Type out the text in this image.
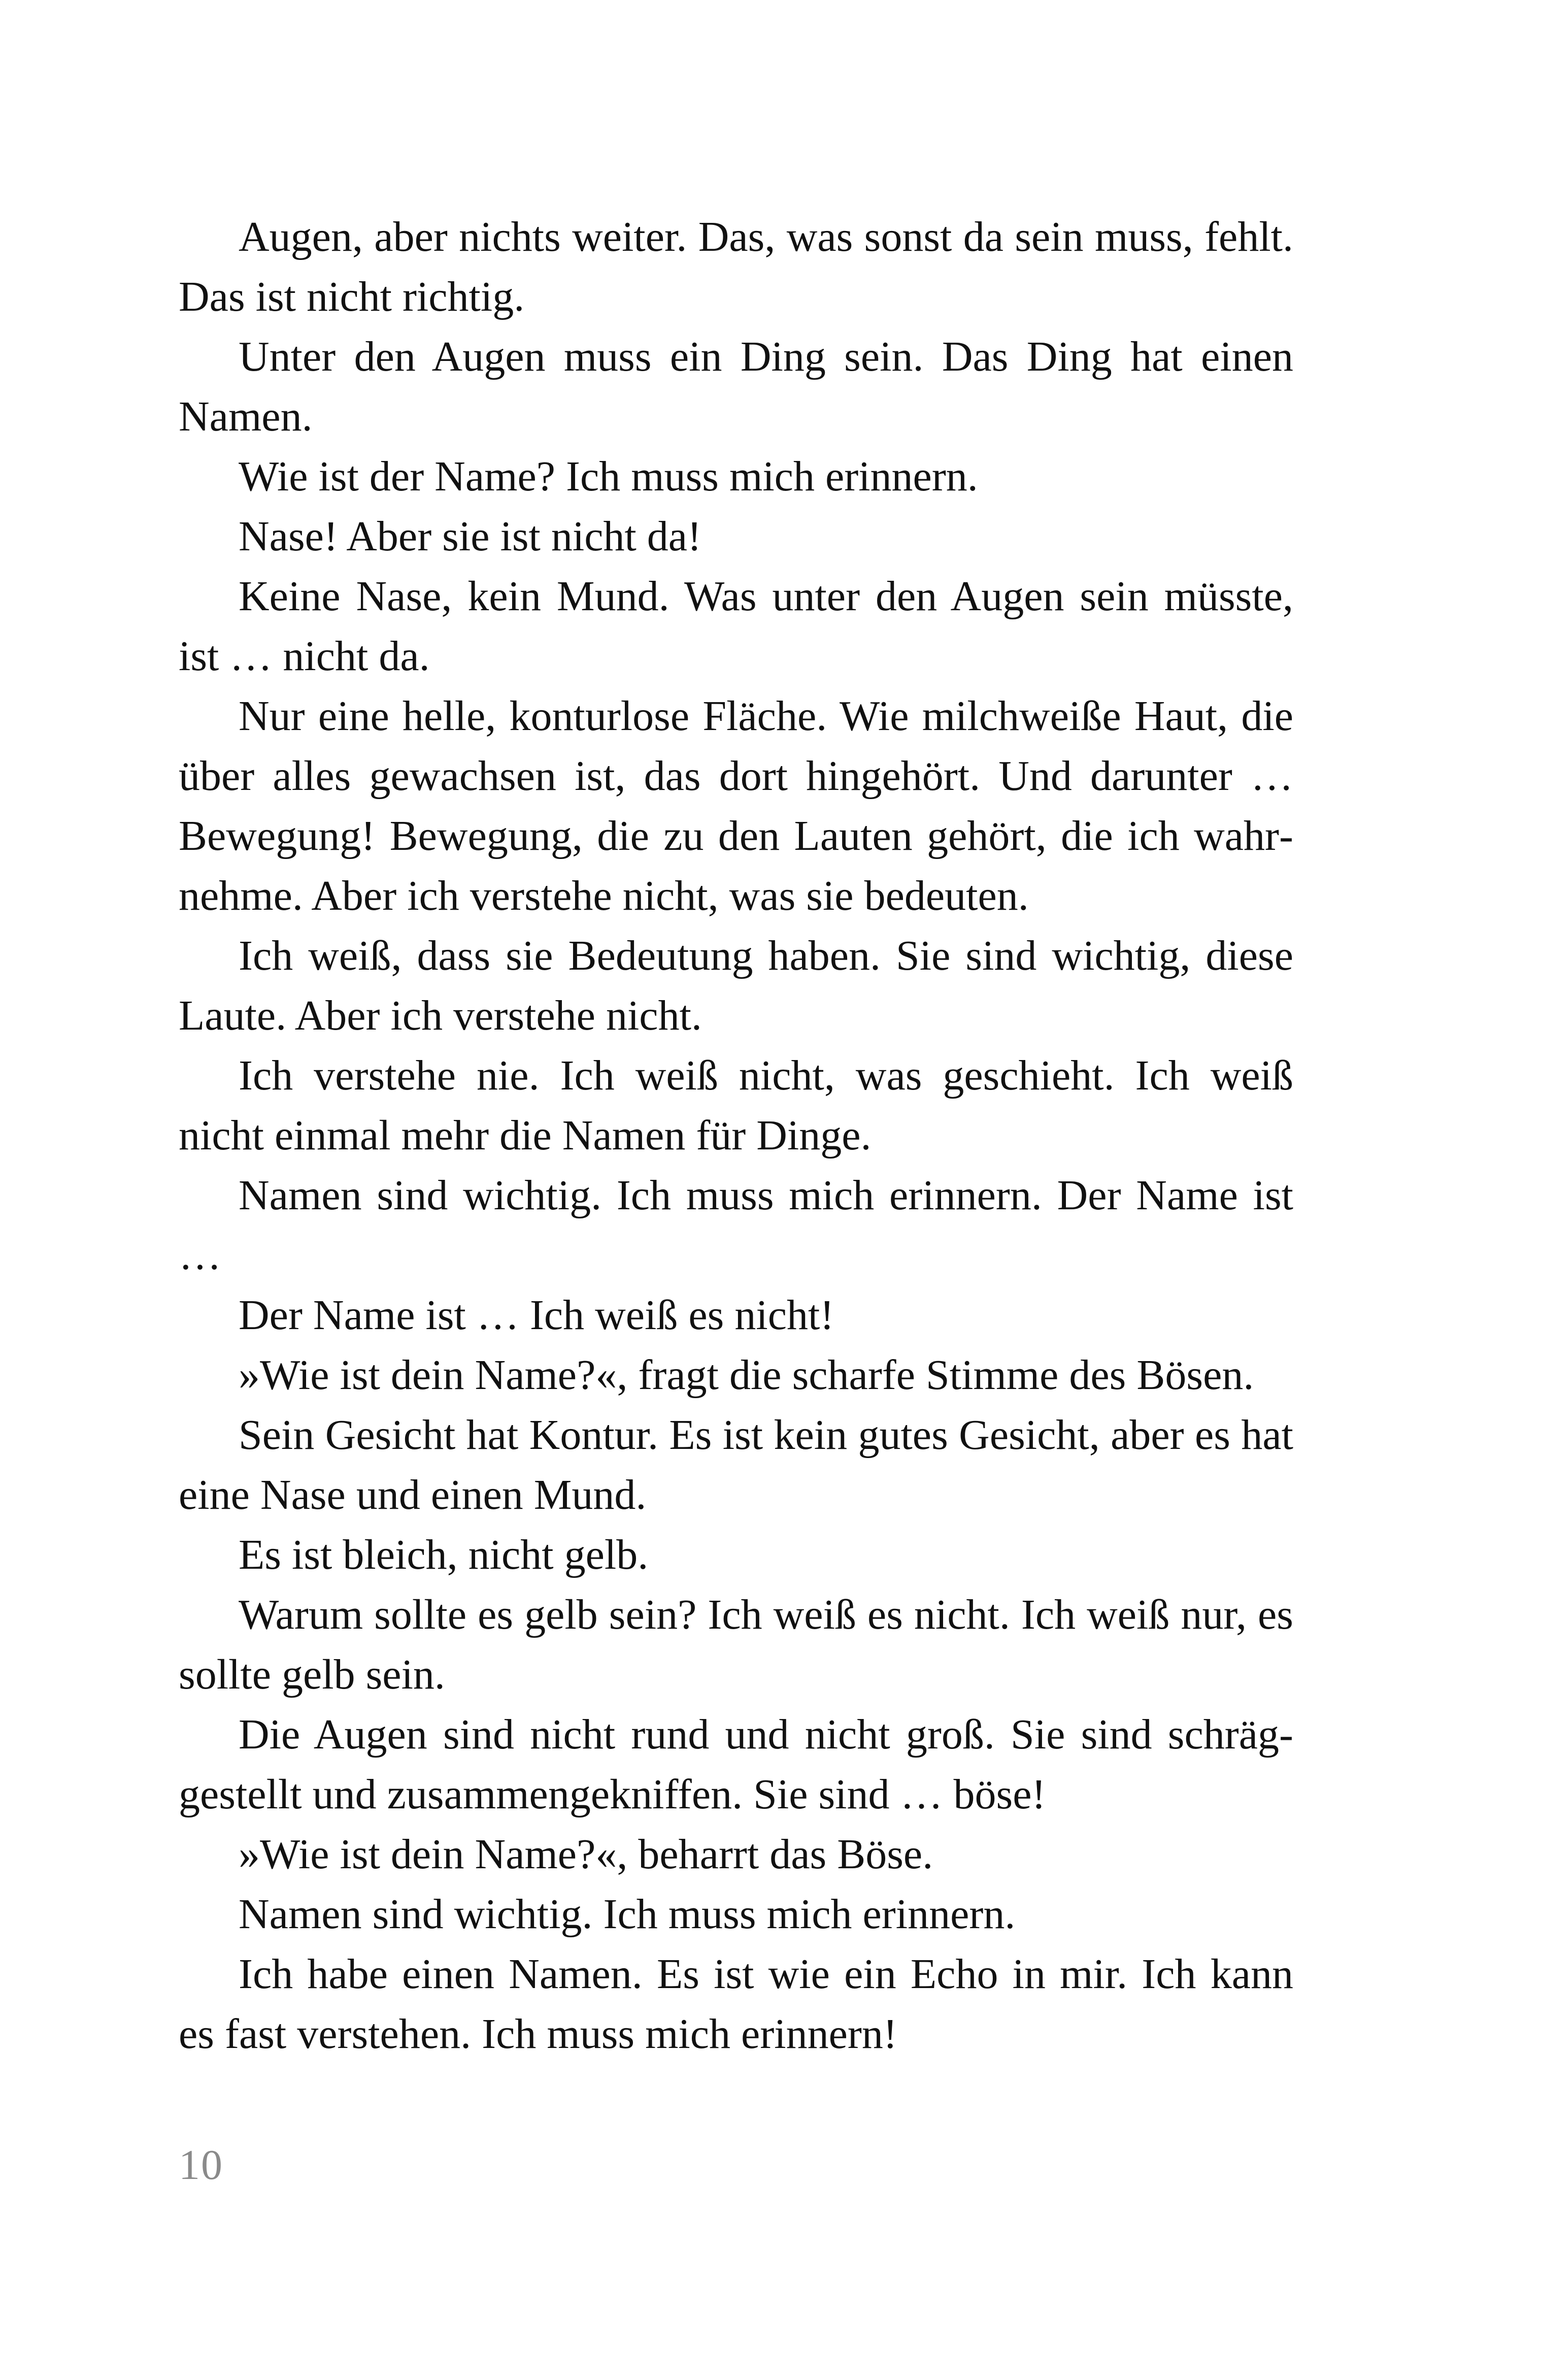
Augen, aber nichts weiter. Das, was sonst da sein muss, fehlt. Das ist nicht richtig.

Unter den Augen muss ein Ding sein. Das Ding hat einen Namen.

Wie ist der Name? Ich muss mich erinnern.

Nase! Aber sie ist nicht da!

Keine Nase, kein Mund. Was unter den Augen sein müsste, ist … nicht da.

Nur eine helle, konturlose Fläche. Wie milchweiße Haut, die über alles gewachsen ist, das dort hingehört. Und darunter … Bewegung! Bewegung, die zu den Lauten gehört, die ich wahrnehme. Aber ich verstehe nicht, was sie bedeuten.

Ich weiß, dass sie Bedeutung haben. Sie sind wichtig, diese Laute. Aber ich verstehe nicht.

Ich verstehe nie. Ich weiß nicht, was geschieht. Ich weiß nicht einmal mehr die Namen für Dinge.

Namen sind wichtig. Ich muss mich erinnern. Der Name ist …

Der Name ist … Ich weiß es nicht!

»Wie ist dein Name?«, fragt die scharfe Stimme des Bösen.

Sein Gesicht hat Kontur. Es ist kein gutes Gesicht, aber es hat eine Nase und einen Mund.

Es ist bleich, nicht gelb.

Warum sollte es gelb sein? Ich weiß es nicht. Ich weiß nur, es sollte gelb sein.

Die Augen sind nicht rund und nicht groß. Sie sind schräggestellt und zusammengekniffen. Sie sind … böse!

»Wie ist dein Name?«, beharrt das Böse.

Namen sind wichtig. Ich muss mich erinnern.

Ich habe einen Namen. Es ist wie ein Echo in mir. Ich kann es fast verstehen. Ich muss mich erinnern!

10
